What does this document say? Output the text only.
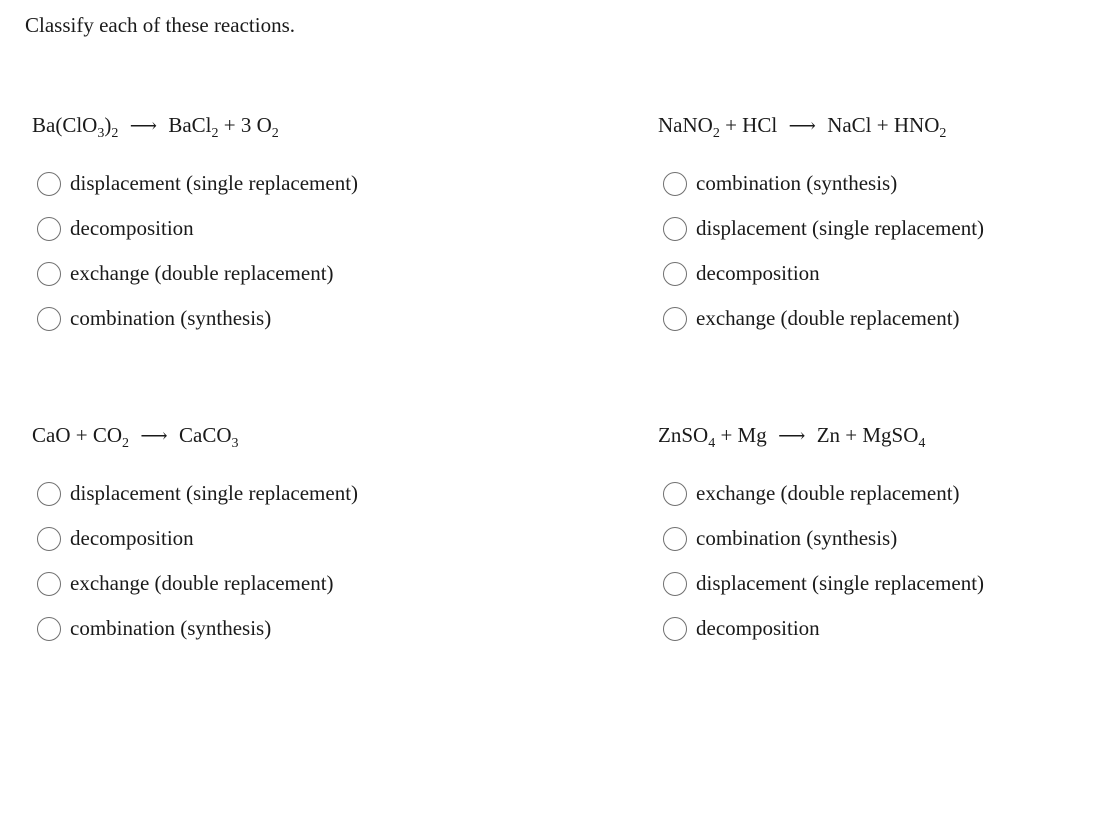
Classify each of these reactions.
$Ba(ClO_3)_2$ ⟶ BaCl$_2$ + 3 $O_2$
displacement (single replacement)
decomposition
exchange (double replacement)
combination (synthesis)
NaNO$_2$ + HCl ⟶ NaCl + $HNO_2$
combination (synthesis)
displacement (single replacement)
decomposition
exchange (double replacement)
CaO + $CO_2$ ⟶ CaCO$_3$
displacement (single replacement)
decomposition
exchange (double replacement)
combination (synthesis)
ZnSO$_4$ + Mg ⟶ Zn + MgSO$_4$
exchange (double replacement)
combination (synthesis)
displacement (single replacement)
decomposition
